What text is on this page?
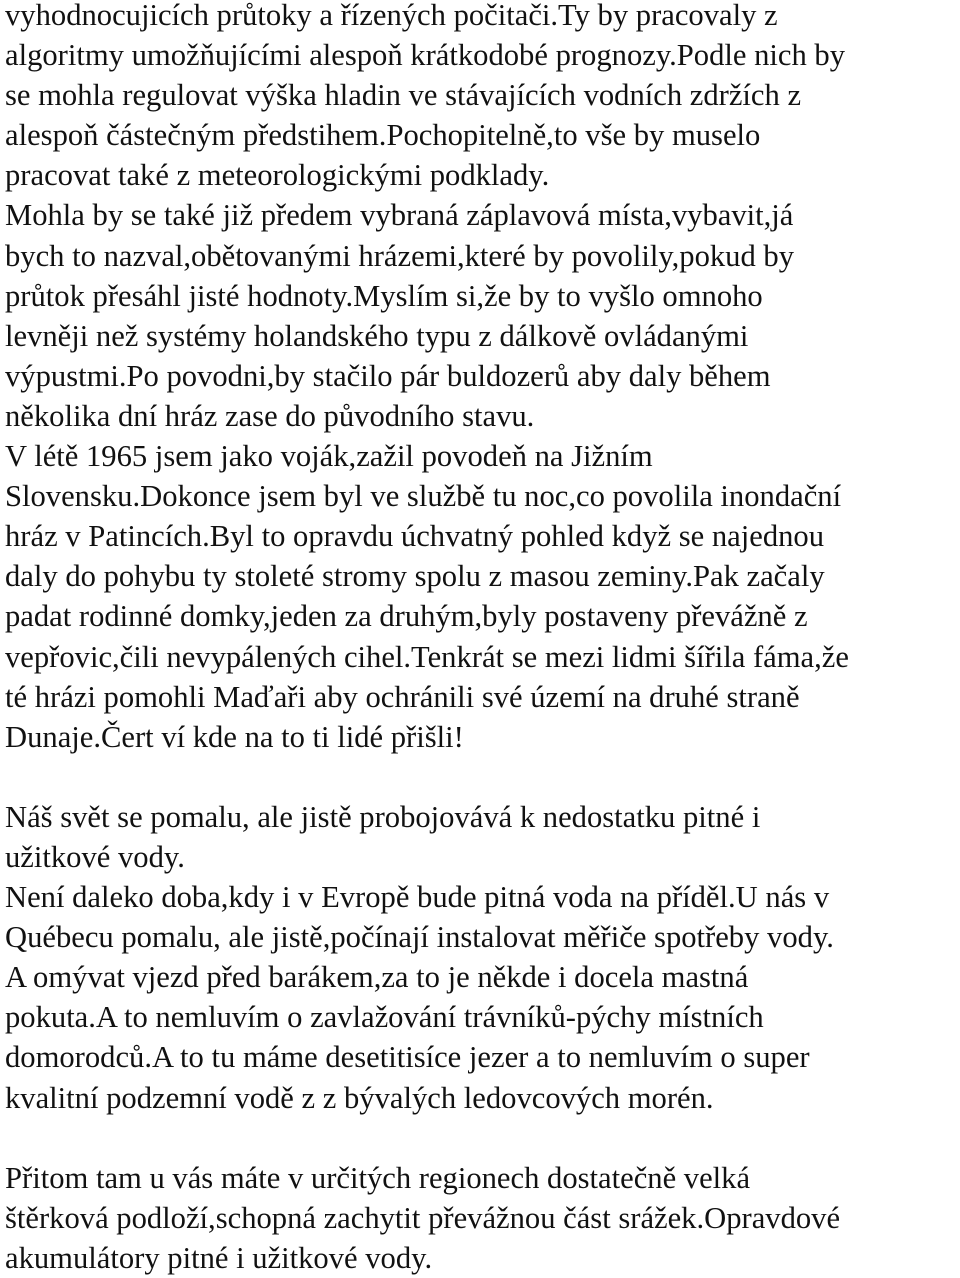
vyhodnocujicích průtoky a řízených počitači.Ty by pracovaly z
algoritmy umožňujícími alespoň krátkodobé prognozy.Podle nich by
se mohla regulovat výška hladin ve stávajících vodních zdržích z
alespoň částečným předstihem.Pochopitelně,to vše by muselo
pracovat také z meteorologickými podklady.
Mohla by se také již předem vybraná záplavová místa,vybavit,já
bych to nazval,obětovanými hrázemi,které by povolily,pokud by
průtok přesáhl jisté hodnoty.Myslím si,že by to vyšlo omnoho
levněji než systémy holandského typu z dálkově ovládanými
výpustmi.Po povodni,by stačilo pár buldozerů aby daly během
několika dní hráz zase do původního stavu.
V létě 1965 jsem jako voják,zažil povodeň na Jižním
Slovensku.Dokonce jsem byl ve službě tu noc,co povolila inondační
hráz v Patincích.Byl to opravdu úchvatný pohled když se najednou
daly do pohybu ty stoleté stromy spolu z masou zeminy.Pak začaly
padat rodinné domky,jeden za druhým,byly postaveny převážně z
vepřovic,čili nevypálených cihel.Tenkrát se mezi lidmi šířila fáma,že
té hrázi pomohli Maďaři aby ochránili své území na druhé straně
Dunaje.Čert ví kde na to ti lidé přišli!
Náš svět se pomalu, ale jistě probojovává k nedostatku pitné i
užitkové vody.
Není daleko doba,kdy i v Evropě bude pitná voda na příděl.U nás v
Québecu pomalu, ale jistě,počínají instalovat měřiče spotřeby vody.
A omývat vjezd před barákem,za to je někde i docela mastná
pokuta.A to nemluvím o zavlažování trávníků-pýchy místních
domorodců.A to tu máme desetitisíce jezer a to nemluvím o super
kvalitní podzemní vodě z z bývalých ledovcových morén.
Přitom tam u vás máte v určitých regionech dostatečně velká
štěrková podloží,schopná zachytit převážnou část srážek.Opravdové
akumulátory pitné i užitkové vody.
